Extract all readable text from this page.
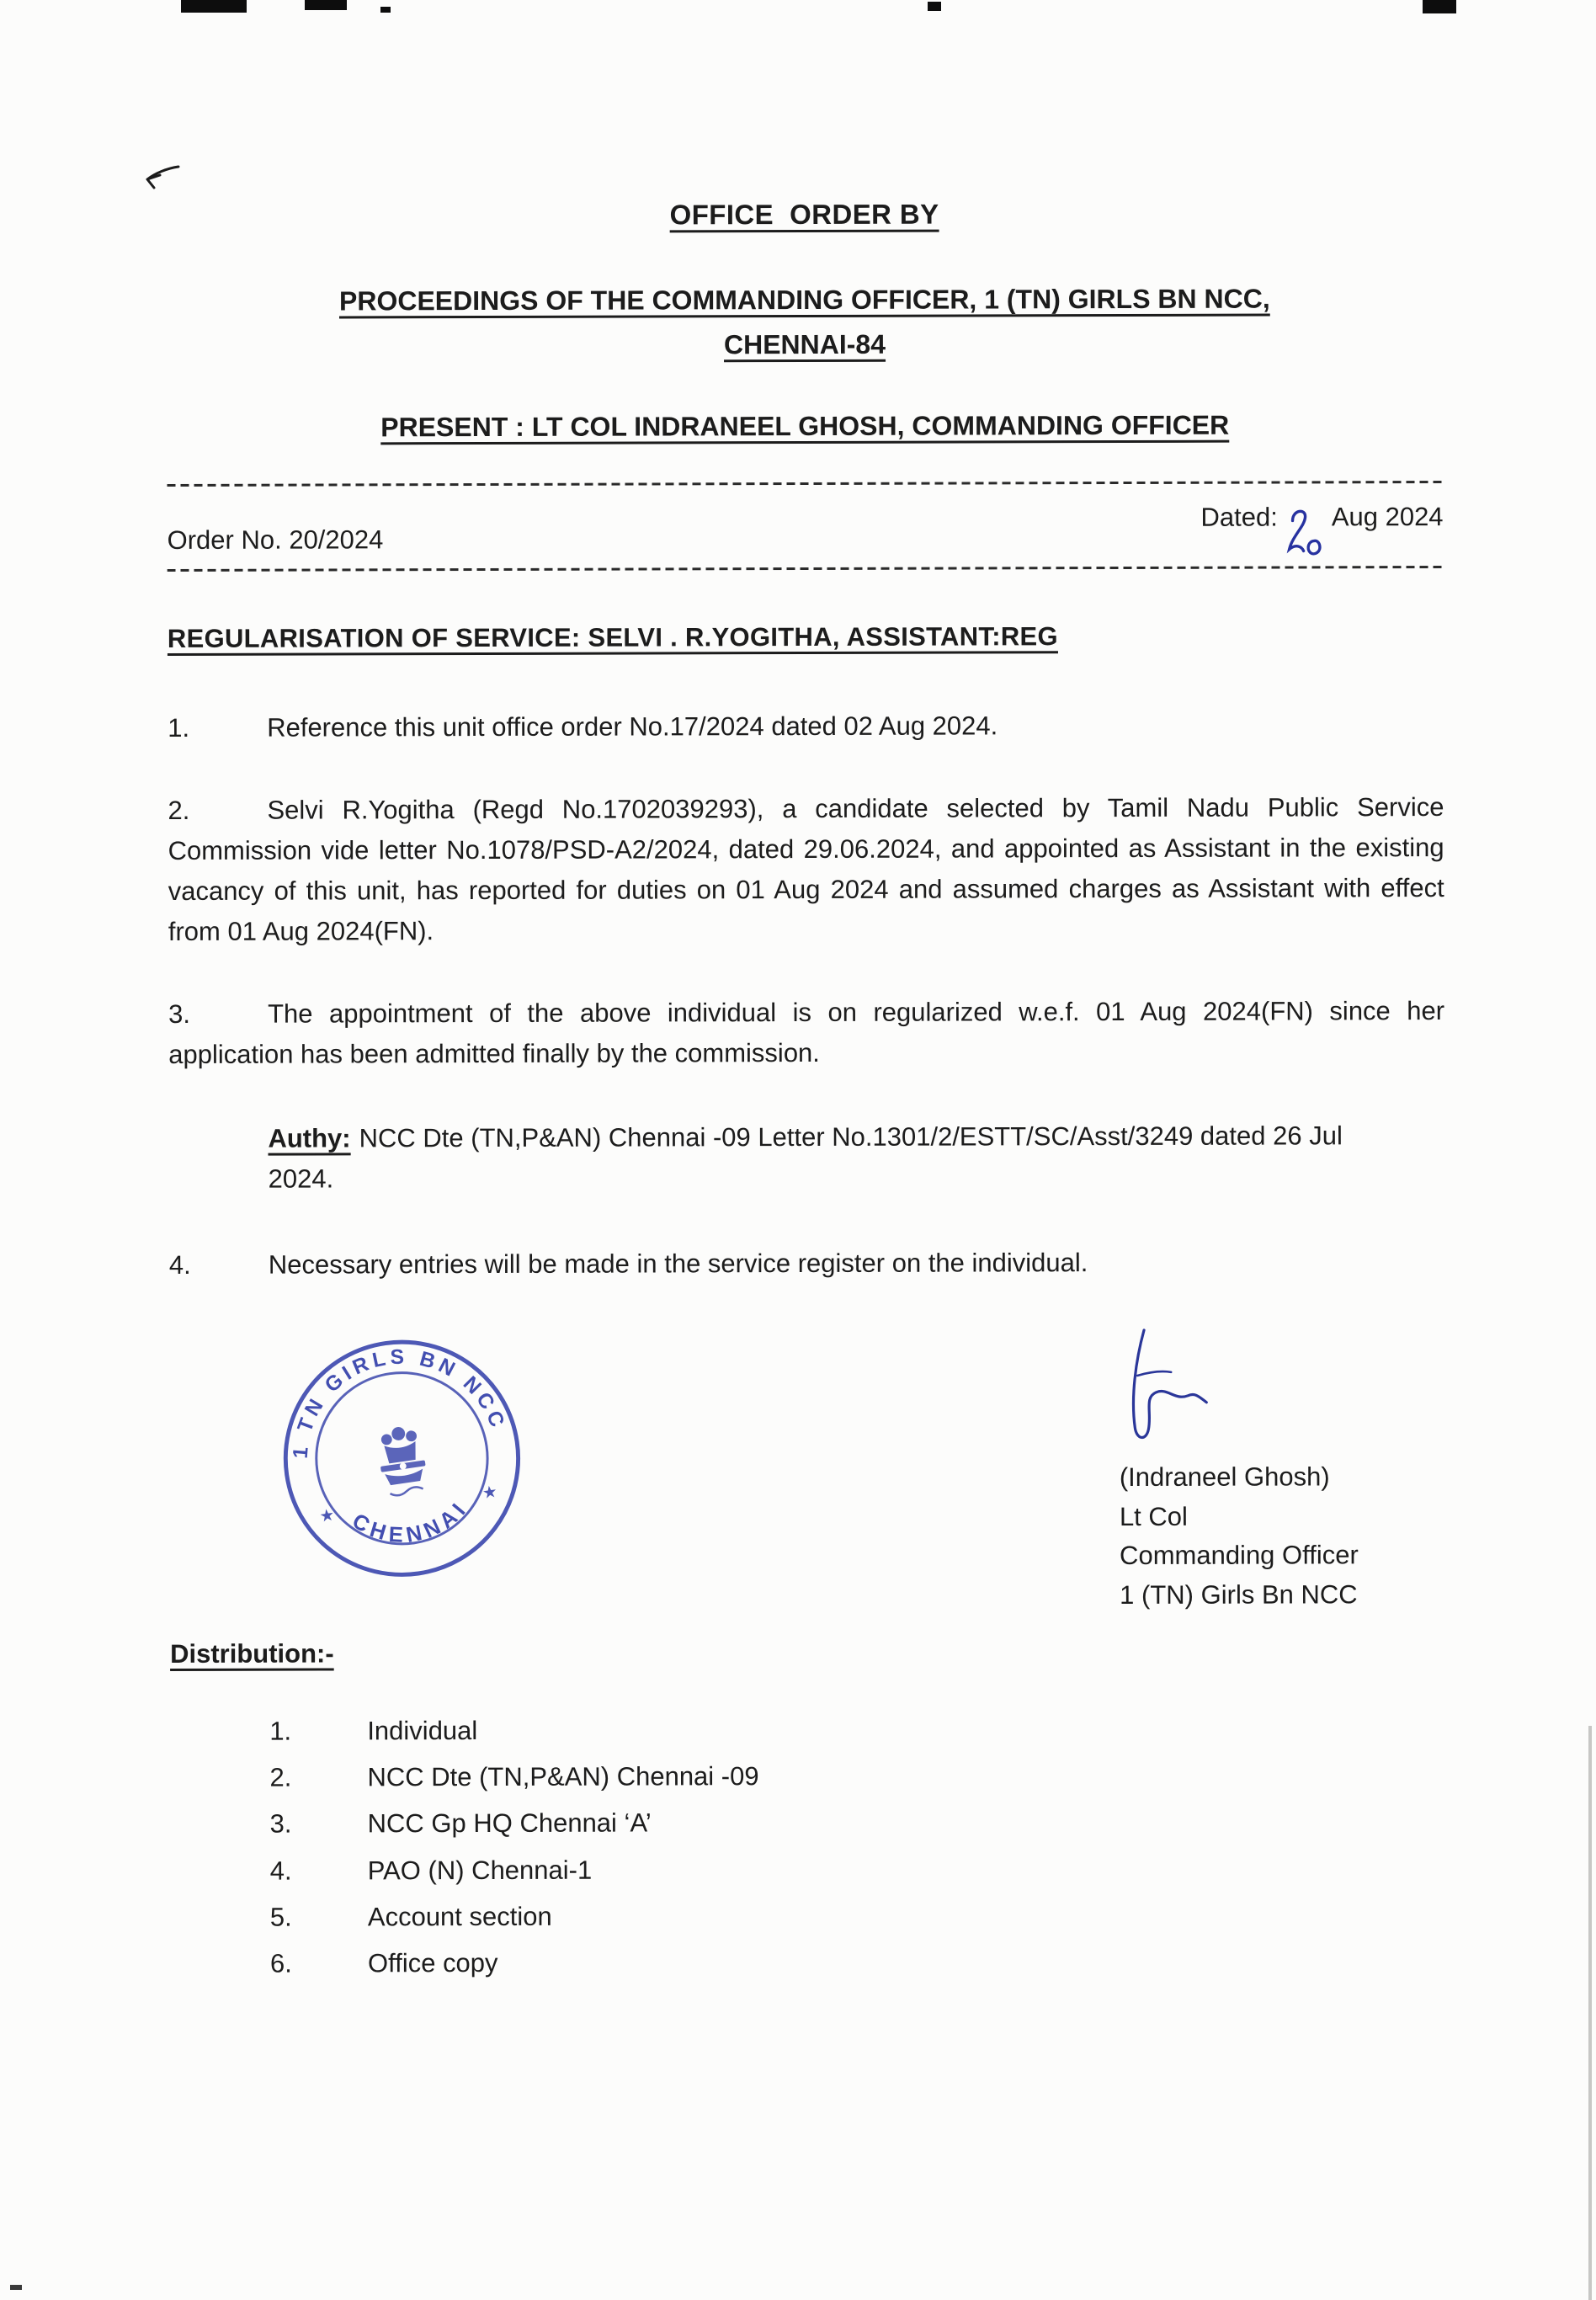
OFFICE  ORDER BY
PROCEEDINGS OF THE COMMANDING OFFICER, 1 (TN) GIRLS BN NCC,
CHENNAI-84
PRESENT : LT COL INDRANEEL GHOSH, COMMANDING OFFICER
Order No. 20/2024
Dated: Aug 2024
REGULARISATION OF SERVICE: SELVI . R.YOGITHA, ASSISTANT:REG

1.	Reference this unit office order No.17/2024 dated 02 Aug 2024.

2.	Selvi R.Yogitha (Regd No.1702039293), a candidate selected by Tamil Nadu Public Service Commission vide letter No.1078/PSD-A2/2024, dated 29.06.2024, and appointed as Assistant in the existing vacancy of this unit, has reported for duties on 01 Aug 2024 and assumed charges as Assistant with effect from 01 Aug 2024(FN).

3.	The appointment of the above individual is on regularized w.e.f. 01 Aug 2024(FN) since her application has been admitted finally by the commission.

Authy: NCC Dte (TN,P&AN) Chennai -09 Letter No.1301/2/ESTT/SC/Asst/3249 dated 26 Jul 2024.

4.	Necessary entries will be made in the service register on the individual.

1 TN GIRLS BN NCC
CHENNAI
★
★
(Indraneel Ghosh)
Lt Col
Commanding Officer
1 (TN) Girls Bn NCC
Distribution:-
1.	Individual
2.	NCC Dte (TN,P&AN) Chennai -09
3.	NCC Gp HQ Chennai ‘A’
4.	PAO (N) Chennai-1
5.	Account section
6.	Office copy
